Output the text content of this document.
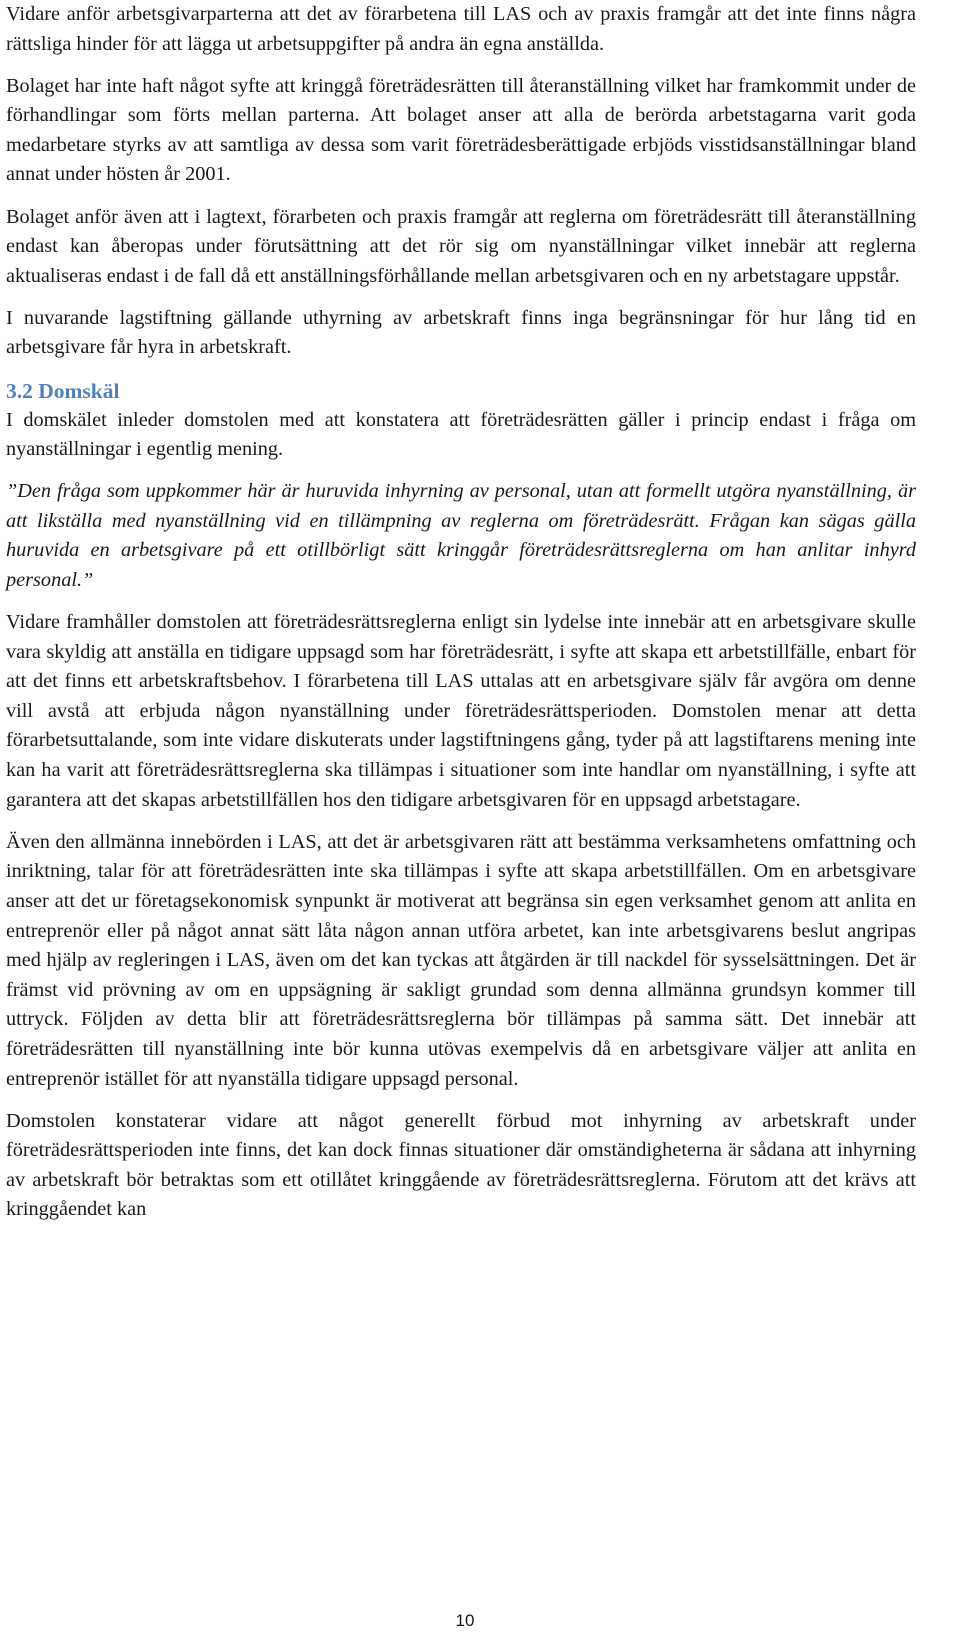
Vidare anför arbetsgivarparterna att det av förarbetena till LAS och av praxis framgår att det inte finns några rättsliga hinder för att lägga ut arbetsuppgifter på andra än egna anställda.

Bolaget har inte haft något syfte att kringgå företrädesrätten till återanställning vilket har framkommit under de förhandlingar som förts mellan parterna. Att bolaget anser att alla de berörda arbetstagarna varit goda medarbetare styrks av att samtliga av dessa som varit företrädesberättigade erbjöds visstidsanställningar bland annat under hösten år 2001.

Bolaget anför även att i lagtext, förarbeten och praxis framgår att reglerna om företrädesrätt till återanställning endast kan åberopas under förutsättning att det rör sig om nyanställningar vilket innebär att reglerna aktualiseras endast i de fall då ett anställningsförhållande mellan arbetsgivaren och en ny arbetstagare uppstår.

I nuvarande lagstiftning gällande uthyrning av arbetskraft finns inga begränsningar för hur lång tid en arbetsgivare får hyra in arbetskraft.

3.2 Domskäl

I domskälet inleder domstolen med att konstatera att företrädesrätten gäller i princip endast i fråga om nyanställningar i egentlig mening.

”Den fråga som uppkommer här är huruvida inhyrning av personal, utan att formellt utgöra nyanställning, är att likställa med nyanställning vid en tillämpning av reglerna om företrädesrätt. Frågan kan sägas gälla huruvida en arbetsgivare på ett otillbörligt sätt kringgår företrädesrättsreglerna om han anlitar inhyrd personal.”

Vidare framhåller domstolen att företrädesrättsreglerna enligt sin lydelse inte innebär att en arbetsgivare skulle vara skyldig att anställa en tidigare uppsagd som har företrädesrätt, i syfte att skapa ett arbetstillfälle, enbart för att det finns ett arbetskraftsbehov. I förarbetena till LAS uttalas att en arbetsgivare själv får avgöra om denne vill avstå att erbjuda någon nyanställning under företrädesrättsperioden. Domstolen menar att detta förarbetsuttalande, som inte vidare diskuterats under lagstiftningens gång, tyder på att lagstiftarens mening inte kan ha varit att företrädesrättsreglerna ska tillämpas i situationer som inte handlar om nyanställning, i syfte att garantera att det skapas arbetstillfällen hos den tidigare arbetsgivaren för en uppsagd arbetstagare.

Även den allmänna innebörden i LAS, att det är arbetsgivaren rätt att bestämma verksamhetens omfattning och inriktning, talar för att företrädesrätten inte ska tillämpas i syfte att skapa arbetstillfällen. Om en arbetsgivare anser att det ur företagsekonomisk synpunkt är motiverat att begränsa sin egen verksamhet genom att anlita en entreprenör eller på något annat sätt låta någon annan utföra arbetet, kan inte arbetsgivarens beslut angripas med hjälp av regleringen i LAS, även om det kan tyckas att åtgärden är till nackdel för sysselsättningen. Det är främst vid prövning av om en uppsägning är sakligt grundad som denna allmänna grundsyn kommer till uttryck. Följden av detta blir att företrädesrättsreglerna bör tillämpas på samma sätt. Det innebär att företrädesrätten till nyanställning inte bör kunna utövas exempelvis då en arbetsgivare väljer att anlita en entreprenör istället för att nyanställa tidigare uppsagd personal.

Domstolen konstaterar vidare att något generellt förbud mot inhyrning av arbetskraft under företrädesrättsperioden inte finns, det kan dock finnas situationer där omständigheterna är sådana att inhyrning av arbetskraft bör betraktas som ett otillåtet kringgående av företrädesrättsreglerna. Förutom att det krävs att kringgåendet kan

10
